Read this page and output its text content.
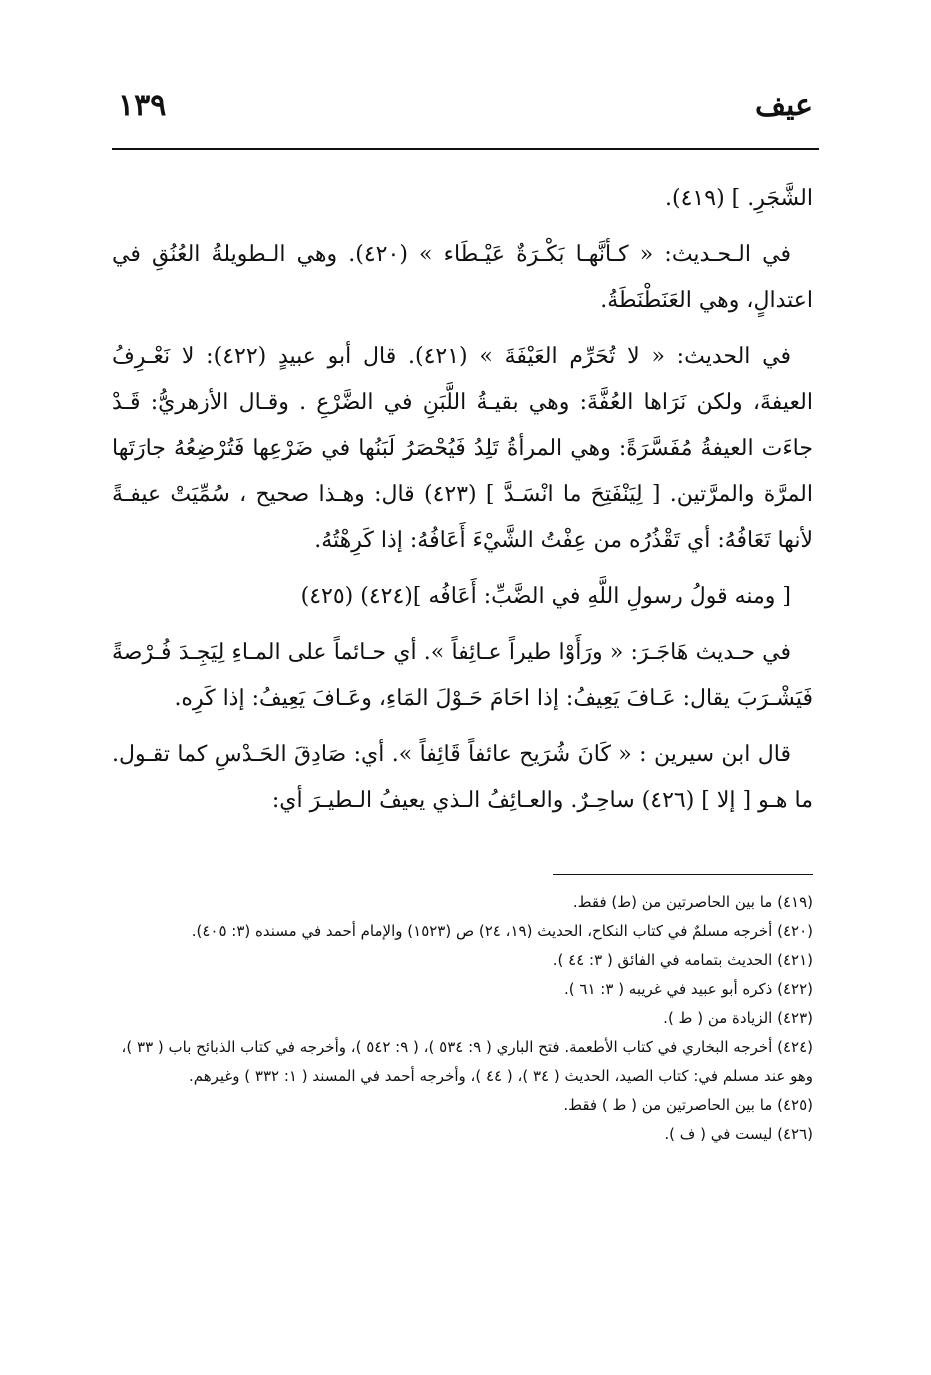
عيف
١٣٩

الشَّجَرِ. ] (٤١٩).

في الـحـديث: « كـأنَّهـا بَكْـرَةٌ عَيْـطَاء » (٤٢٠). وهي الـطويلةُ العُنُقِ في اعتدالٍ، وهي العَنَطْنَطَةُ.

في الحديث: « لا تُحَرِّم العَيْفَةَ » (٤٢١). قال أبو عبيدٍ (٤٢٢): لا نَعْـرِفُ العيفةَ، ولكن نَرَاها العُفَّةَ: وهي بقيـةُ اللَّبَنِ في الضَّرْعِ . وقـال الأزهريُّ: قَـدْ جاءَت العيفةُ مُفَسَّرَةً: وهي المرأةُ تَلِدُ فَيُحْصَرُ لَبَنُها في ضَرْعِها فَتُرْضِعُهُ جارَتَها المرَّة والمرَّتين. [ لِيَنْفَتِحَ ما انْسَـدَّ ] (٤٢٣) قال: وهـذا صحيح ، سُمِّيَتْ عيفـةً لأنها تَعَافُهُ: أي تَقْذُرُه من عِفْتُ الشَّيْءَ أَعَافُهُ: إذا كَرِهْتُهُ.

[ ومنه قولُ رسولِ اللَّهِ في الضَّبِّ: أَعَافُه ](٤٢٤) (٤٢٥)

في حـديث هَاجَـرَ: « ورَأَوْا طيراً عـائِفاً ». أي حـائماً على المـاءِ لِيَجِـدَ فُـرْصةً فَيَشْـرَبَ يقال: عَـافَ يَعِيفُ: إذا احَامَ حَـوْلَ المَاءِ، وعَـافَ يَعِيفُ: إذا كَرِه.

قال ابن سيرين : « كَانَ شُرَيح عائفاً قَائِفاً ». أي: صَادِقَ الحَـدْسِ كما تقـول. ما هـو [ إلا ] (٤٢٦) ساحِـرٌ. والعـائِفُ الـذي يعيفُ الـطيـرَ أي:

(٤١٩) ما بين الحاصرتين من (ط) فقط.
(٤٢٠) أخرجه مسلمٌ في كتاب النكاح، الحديث (١٩، ٢٤) ص (١٥٢٣) والإمام أحمد في مسنده (٣: ٤٠٥).
(٤٢١) الحديث بتمامه في الفائق ( ٣: ٤٤ ).
(٤٢٢) ذكره أبو عبيد في غريبه ( ٣: ٦١ ).
(٤٢٣) الزيادة من ( ط ).
(٤٢٤) أخرجه البخاري في كتاب الأطعمة. فتح الباري ( ٩: ٥٣٤ )، ( ٩: ٥٤٢ )، وأخرجه في كتاب الذبائح باب ( ٣٣ )، وهو عند مسلم في: كتاب الصيد، الحديث ( ٣٤ )، ( ٤٤ )، وأخرجه أحمد في المسند ( ١: ٣٣٢ ) وغيرهم.
(٤٢٥) ما بين الحاصرتين من ( ط ) فقط.
(٤٢٦) ليست في ( ف ).
